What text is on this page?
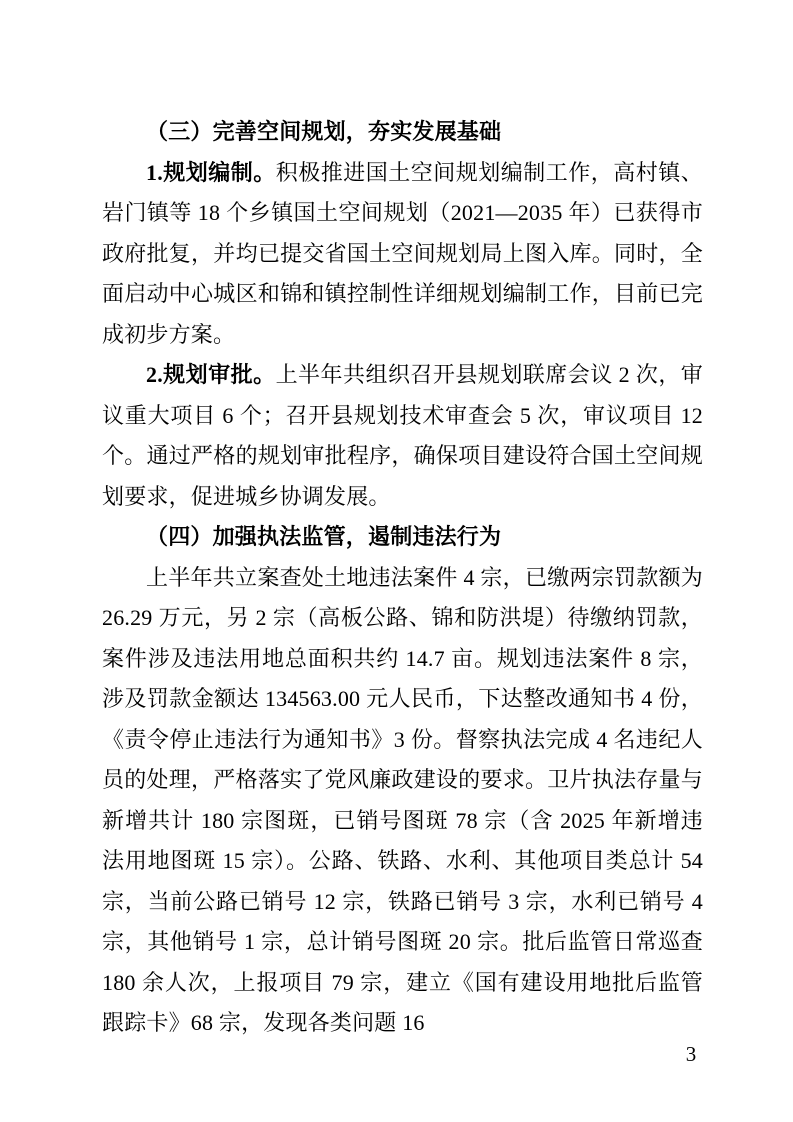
（三）完善空间规划，夯实发展基础

1.规划编制。积极推进国土空间规划编制工作，高村镇、岩门镇等 18 个乡镇国土空间规划（2021—2035 年）已获得市政府批复，并均已提交省国土空间规划局上图入库。同时，全面启动中心城区和锦和镇控制性详细规划编制工作，目前已完成初步方案。

2.规划审批。上半年共组织召开县规划联席会议 2 次，审议重大项目 6 个；召开县规划技术审查会 5 次，审议项目 12 个。通过严格的规划审批程序，确保项目建设符合国土空间规划要求，促进城乡协调发展。

（四）加强执法监管，遏制违法行为

上半年共立案查处土地违法案件 4 宗，已缴两宗罚款额为 26.29 万元，另 2 宗（高板公路、锦和防洪堤）待缴纳罚款，案件涉及违法用地总面积共约 14.7 亩。规划违法案件 8 宗，涉及罚款金额达 134563.00 元人民币，下达整改通知书 4 份，《责令停止违法行为通知书》3 份。督察执法完成 4 名违纪人员的处理，严格落实了党风廉政建设的要求。卫片执法存量与新增共计 180 宗图斑，已销号图斑 78 宗（含 2025 年新增违法用地图斑 15 宗）。公路、铁路、水利、其他项目类总计 54 宗，当前公路已销号 12 宗，铁路已销号 3 宗，水利已销号 4 宗，其他销号 1 宗，总计销号图斑 20 宗。批后监管日常巡查 180 余人次，上报项目 79 宗，建立《国有建设用地批后监管跟踪卡》68 宗，发现各类问题 16

3
